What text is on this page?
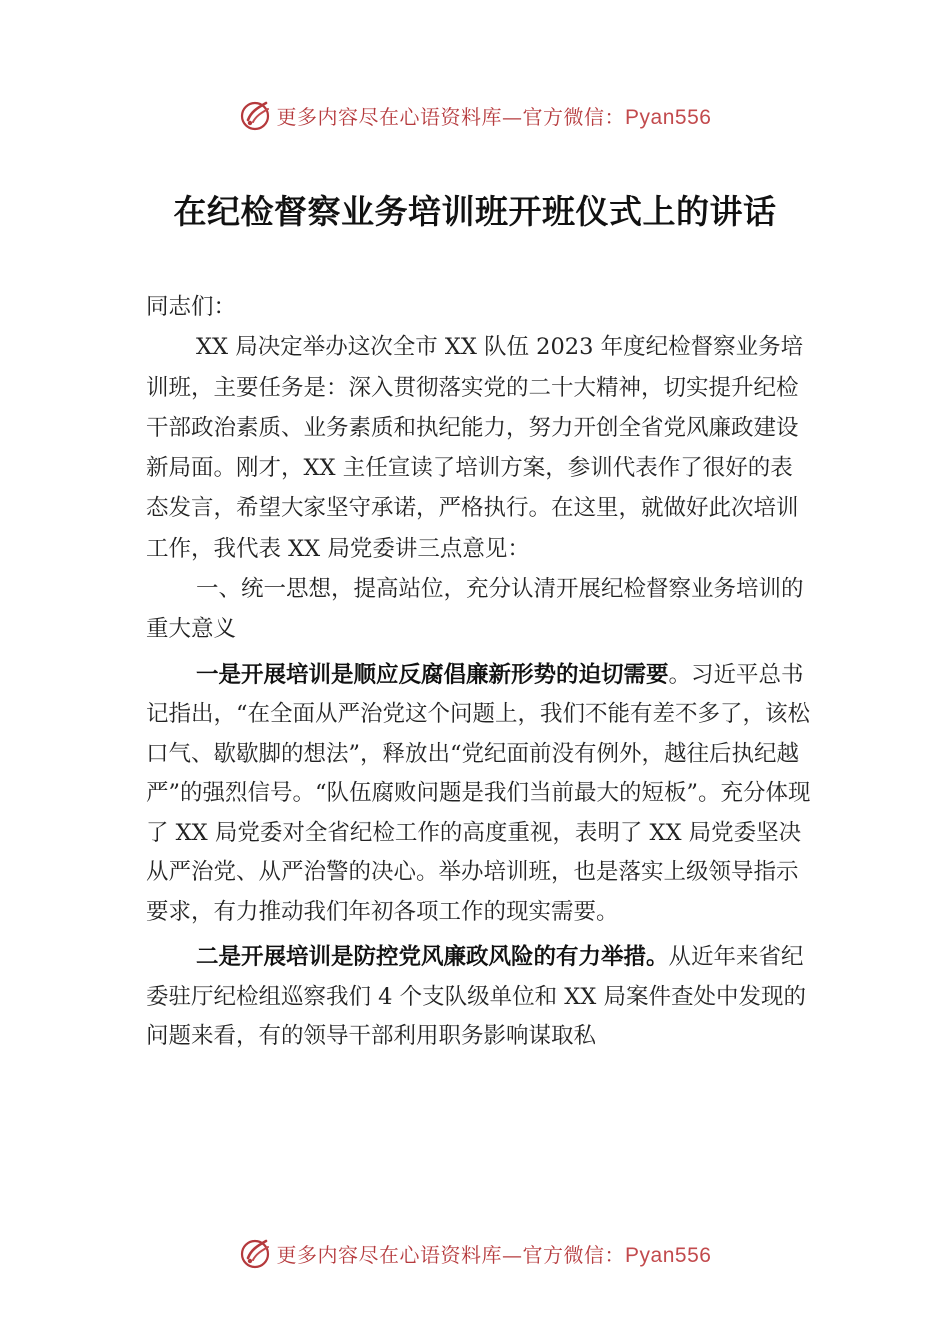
更多内容尽在心语资料库—官方微信：Pyan556
在纪检督察业务培训班开班仪式上的讲话

同志们：

XX 局决定举办这次全市 XX 队伍 2023 年度纪检督察业务培训班，主要任务是：深入贯彻落实党的二十大精神，切实提升纪检干部政治素质、业务素质和执纪能力，努力开创全省党风廉政建设新局面。刚才，XX 主任宣读了培训方案，参训代表作了很好的表态发言，希望大家坚守承诺，严格执行。在这里，就做好此次培训工作，我代表 XX 局党委讲三点意见：

一、统一思想，提高站位，充分认清开展纪检督察业务培训的重大意义

一是开展培训是顺应反腐倡廉新形势的迫切需要。习近平总书记指出，“在全面从严治党这个问题上，我们不能有差不多了，该松口气、歇歇脚的想法”，释放出“党纪面前没有例外，越往后执纪越严”的强烈信号。“队伍腐败问题是我们当前最大的短板”。充分体现了 XX 局党委对全省纪检工作的高度重视，表明了 XX 局党委坚决从严治党、从严治警的决心。举办培训班，也是落实上级领导指示要求，有力推动我们年初各项工作的现实需要。

二是开展培训是防控党风廉政风险的有力举措。从近年来省纪委驻厅纪检组巡察我们 4 个支队级单位和 XX 局案件查处中发现的问题来看，有的领导干部利用职务影响谋取私

更多内容尽在心语资料库—官方微信：Pyan556
